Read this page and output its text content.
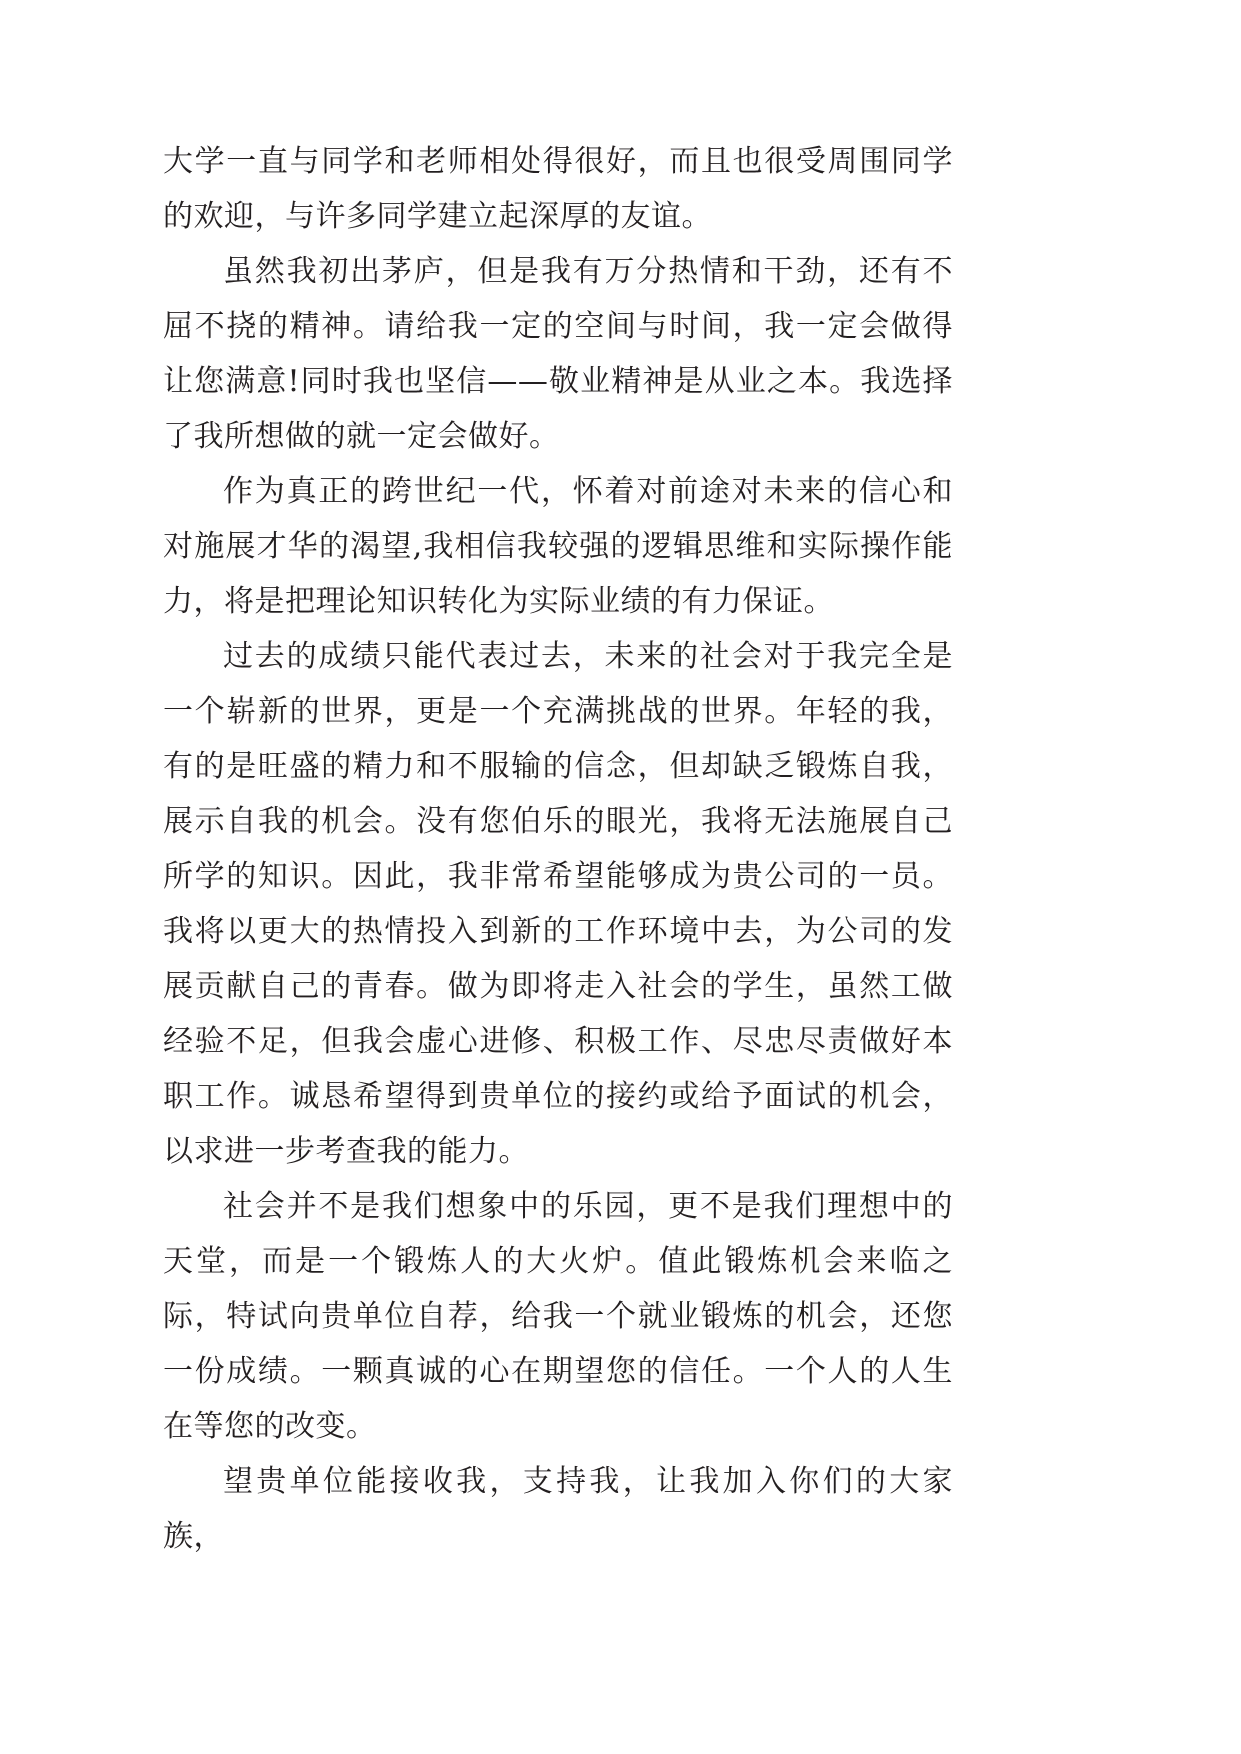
大学一直与同学和老师相处得很好，而且也很受周围同学的欢迎，与许多同学建立起深厚的友谊。

虽然我初出茅庐，但是我有万分热情和干劲，还有不屈不挠的精神。请给我一定的空间与时间，我一定会做得让您满意!同时我也坚信——敬业精神是从业之本。我选择了我所想做的就一定会做好。

作为真正的跨世纪一代，怀着对前途对未来的信心和对施展才华的渴望,我相信我较强的逻辑思维和实际操作能力，将是把理论知识转化为实际业绩的有力保证。

过去的成绩只能代表过去，未来的社会对于我完全是一个崭新的世界，更是一个充满挑战的世界。年轻的我，有的是旺盛的精力和不服输的信念，但却缺乏锻炼自我，展示自我的机会。没有您伯乐的眼光，我将无法施展自己所学的知识。因此，我非常希望能够成为贵公司的一员。我将以更大的热情投入到新的工作环境中去，为公司的发展贡献自己的青春。做为即将走入社会的学生，虽然工做经验不足，但我会虚心进修、积极工作、尽忠尽责做好本职工作。诚恳希望得到贵单位的接约或给予面试的机会，以求进一步考查我的能力。

社会并不是我们想象中的乐园，更不是我们理想中的天堂，而是一个锻炼人的大火炉。值此锻炼机会来临之际，特试向贵单位自荐，给我一个就业锻炼的机会，还您一份成绩。一颗真诚的心在期望您的信任。一个人的人生在等您的改变。

望贵单位能接收我，支持我，让我加入你们的大家族，
